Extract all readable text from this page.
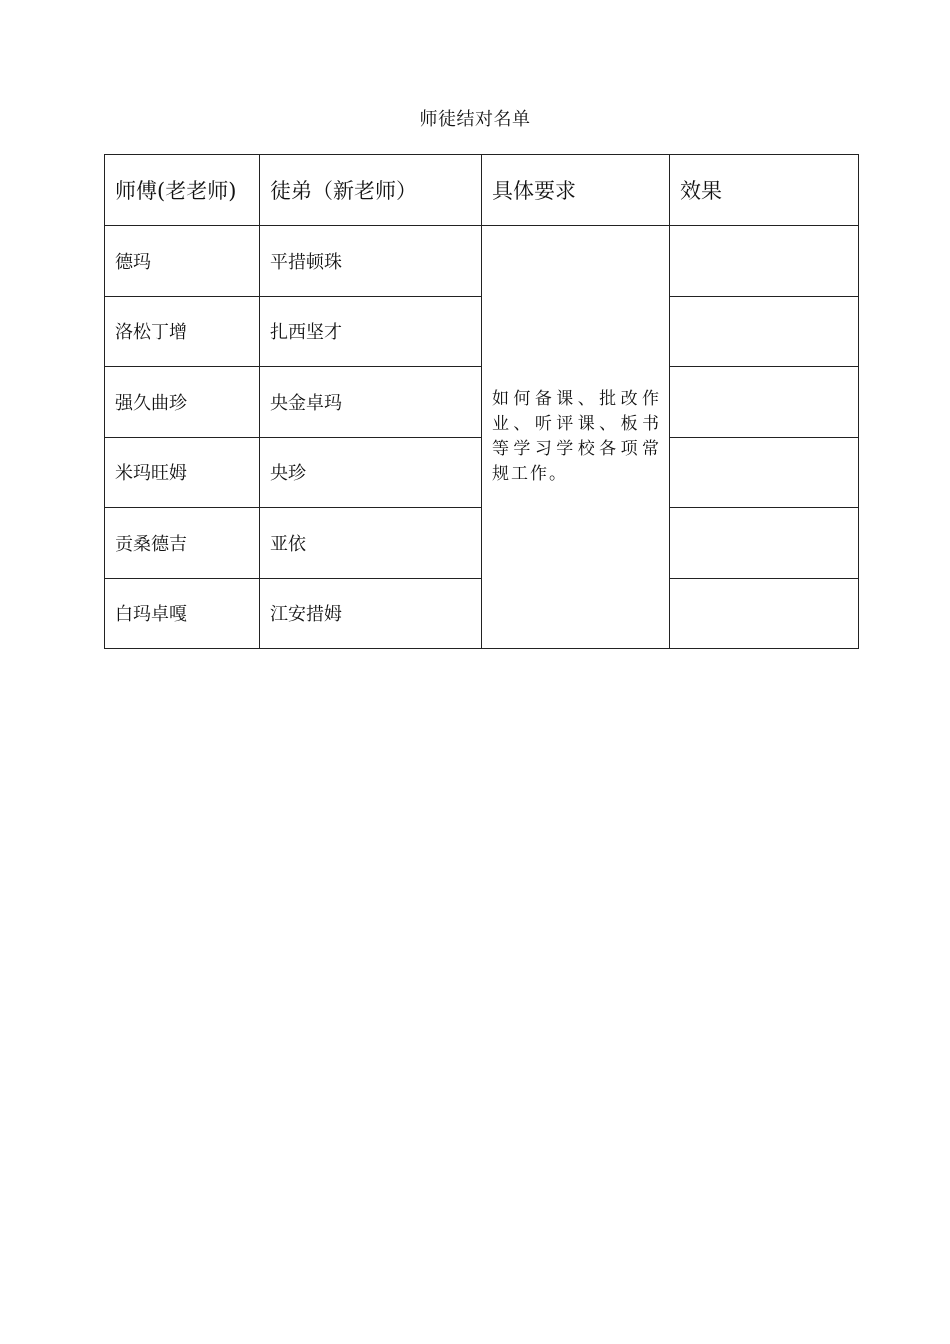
师徒结对名单
师傅(老老师)	徒弟（新老师）	具体要求	效果
德玛	平措顿珠	如何备课、批改作业、听评课、板书等学习学校各项常规工作。	
洛松丁增	扎西坚才		
强久曲珍	央金卓玛		
米玛旺姆	央珍		
贡桑德吉	亚依		
白玛卓嘎	江安措姆		
